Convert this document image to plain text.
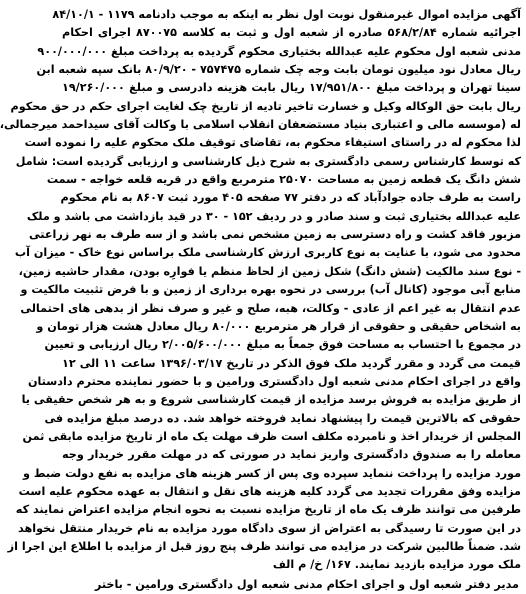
آگهی مزایده اموال غیرمنقول نوبت اول نظر به اینکه به موجب دادنامه ۱۱۷۹ - ۸۴/۱۰/۱
اجرائیه شماره ۵۶۸/۲/۸۴ صادره از شعبه اول و ثبت به کلاسه ۸۷۰۰۷۵ اجرای احکام
مدنی شعبه اول محکوم علیه عبدالله بختیاری محکوم گردیده به پرداخت مبلغ ۹۰۰/۰۰۰/۰۰۰
ریال معادل نود میلیون تومان بابت وجه چک شماره ۷۵۷۴۷۵ - ۸۰/۹/۲۰ بانک سپه شعبه ابن
سینا تهران و پرداخت مبلغ ۱۷/۹۵۱/۸۰۰ ریال بابت هزینه دادرسی و مبلغ ۱۹/۲۶۰/۰۰۰
ریال بابت حق الوکاله وکیل و خسارت تاخیر تادیه از تاریخ چک لغایت اجرای حکم در حق محکوم
له (موسسه مالی و اعتباری بنیاد مستضعفان انقلاب اسلامی با وکالت آقای سیداحمد میرجمالی،
لذا محکوم له در راستای استیفاء محکوم به، تقاضای توقیف ملک محکوم علیه را نموده است
که توسط کارشناس رسمی دادگستری به شرح ذیل کارشناسی و ارزیابی گردیده است: شامل
شش دانگ یک قطعه زمین به مساحت ۲۵۰۷۰ مترمربع واقع در قریه قلعه خواجه - سمت
راست به طرف جاده جوادآباد که در دفتر ۷۷ صفحه ۴۰۵ مورد ثبت ۸۶۰۷ به نام محکوم
علیه عبدالله بختیاری ثبت و سند صادر و در ردیف ۱۵۲ - ۳۰ در قید بازداشت می باشد و ملک
مزبور فاقد کشت و راه دسترسی به زمین مشخص نمی باشد و از سه طرف به نهر زراعتی
محدود می شود، با عنایت به نوع کاربری ارزش کارشناسی ملک براساس نوع خاک - میزان آب
- نوع سند مالکیت (شش دانگ) شکل زمین از لحاظ منظم یا فوارِه بودن، مقدار حاشیه زمین،
منابع آبی موجود (کانال آب) بررسی در نحوه بهره برداری از زمین و با فرض تثبیت مالکیت و
عدم انتقال به غیر اعم از عادی - وکالت، هبه، صلح و غیر و صرف نظر از بدهی های احتمالی
به اشخاص حقیقی و حقوقی از قرار هر مترمربع ۸۰/۰۰۰ ریال معادل هشت هزار تومان و
در مجموع با احتساب به مساحت فوق جمعاً به مبلغ ۲/۰۰۵/۶۰۰/۰۰۰ ریال ارزیابی و تعیین
قیمت می گردد و مقرر گردید ملک فوق الذکر در تاریخ ۱۳۹۶/۰۳/۱۷ ساعت ۱۱ الی ۱۲
واقع در اجرای احکام مدنی شعبه اول دادگستری ورامین و با حضور نماینده محترم دادستان
از طریق مزایده به فروش برسد مزایده از قیمت کارشناسی شروع و به هر شخص حقیقی یا
حقوقی که بالاترین قیمت را پیشنهاد نماید فروخته خواهد شد. ده درصد مبلغ مزایده فی
المجلس از خریدار اخذ و نامبرده مکلف است ظرف مهلت یک ماه از تاریخ مزایده مابقی ثمن
معامله را به صندوق دادگستری واریز نماید در صورتی که در مهلت مقرر خریدار وجه
مورد مزایده را پرداخت ننماید سپرده وی پس از کسر هزینه های مزایده به نفع دولت ضبط و
مزایده وفق مقررات تجدید می گردد کلیه هزینه های نقل و انتقال به عهده محکوم علیه است
طرفین می توانند ظرف یک ماه از تاریخ مزایده نسبت به نحوه انجام مزایده اعتراض نمایند که
در این صورت تا رسیدگی به اعتراض از سوی دادگاه مورد مزایده به نام خریدار منتقل نخواهد
شد. ضمناً طالبین شرکت در مزایده می توانند ظرف پنج روز قبل از مزایده با اطلاع این اجرا از
ملک مورد مزایده بازدید نمایند. ۱۶۷/ خ/ م الف
مدیر دفتر شعبه اول و اجرای احکام مدنی شعبه اول دادگستری ورامین - باختر
